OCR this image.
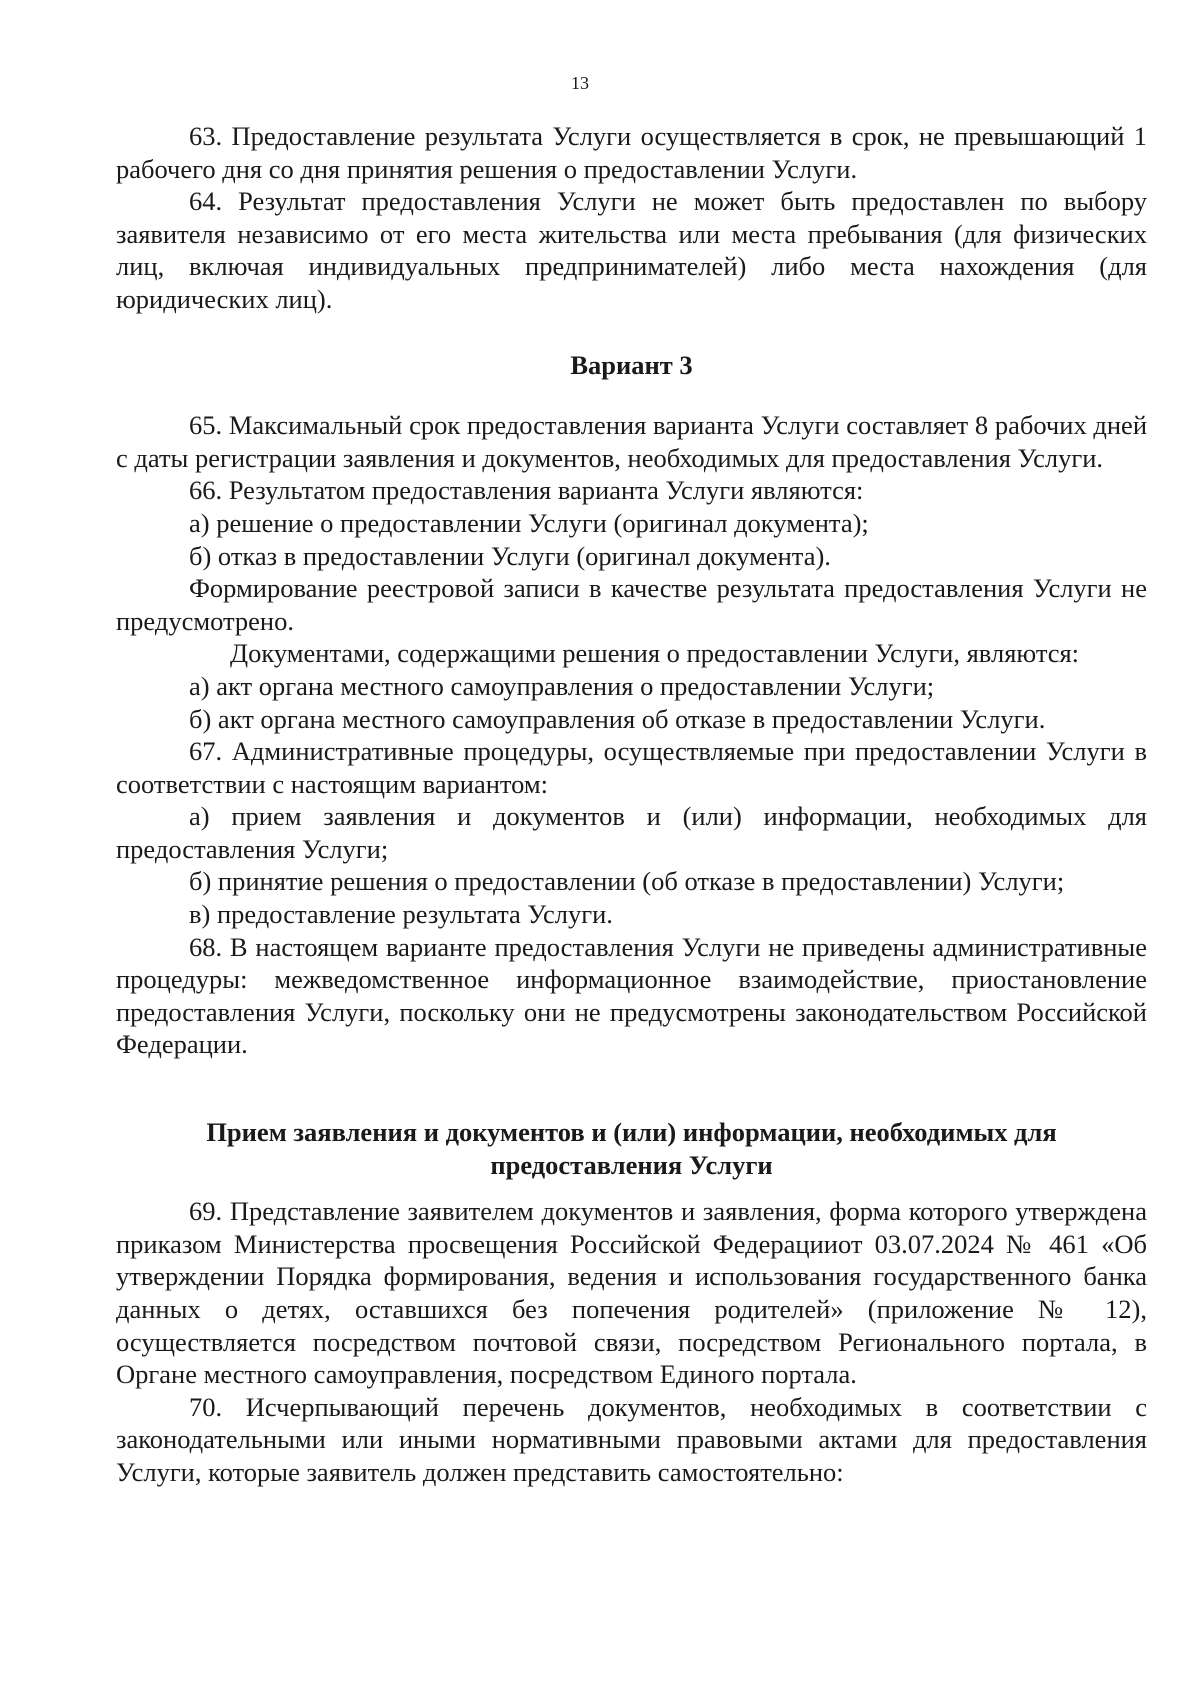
13

63. Предоставление результата Услуги осуществляется в срок, не превышающий 1 рабочего дня со дня принятия решения о предоставлении Услуги.

64. Результат предоставления Услуги не может быть предоставлен по выбору заявителя независимо от его места жительства или места пребывания (для физических лиц, включая индивидуальных предпринимателей) либо места нахождения (для юридических лиц).

Вариант 3

65. Максимальный срок предоставления варианта Услуги составляет 8 рабочих дней с даты регистрации заявления и документов, необходимых для предоставления Услуги.

66. Результатом предоставления варианта Услуги являются:

а) решение о предоставлении Услуги (оригинал документа);

б) отказ в предоставлении Услуги (оригинал документа).

Формирование реестровой записи в качестве результата предоставления Услуги не предусмотрено.

Документами, содержащими решения о предоставлении Услуги, являются:

а) акт органа местного самоуправления о предоставлении Услуги;

б) акт органа местного самоуправления об отказе в предоставлении Услуги.

67. Административные процедуры, осуществляемые при предоставлении Услуги в соответствии с настоящим вариантом:

а) прием заявления и документов и (или) информации, необходимых для предоставления Услуги;

б) принятие решения о предоставлении (об отказе в предоставлении) Услуги;

в) предоставление результата Услуги.

68. В настоящем варианте предоставления Услуги не приведены административные процедуры: межведомственное информационное взаимодействие, приостановление предоставления Услуги, поскольку они не предусмотрены законодательством Российской Федерации.

Прием заявления и документов и (или) информации, необходимых для

предоставления Услуги

69. Представление заявителем документов и заявления, форма которого утверждена приказом Министерства просвещения Российской Федерацииот 03.07.2024 № 461 «Об утверждении Порядка формирования, ведения и использования государственного банка данных о детях, оставшихся без попечения родителей» (приложение № 12), осуществляется посредством почтовой связи, посредством Регионального портала, в Органе местного самоуправления, посредством Единого портала.

70. Исчерпывающий перечень документов, необходимых в соответствии с законодательными или иными нормативными правовыми актами для предоставления Услуги, которые заявитель должен представить самостоятельно:
